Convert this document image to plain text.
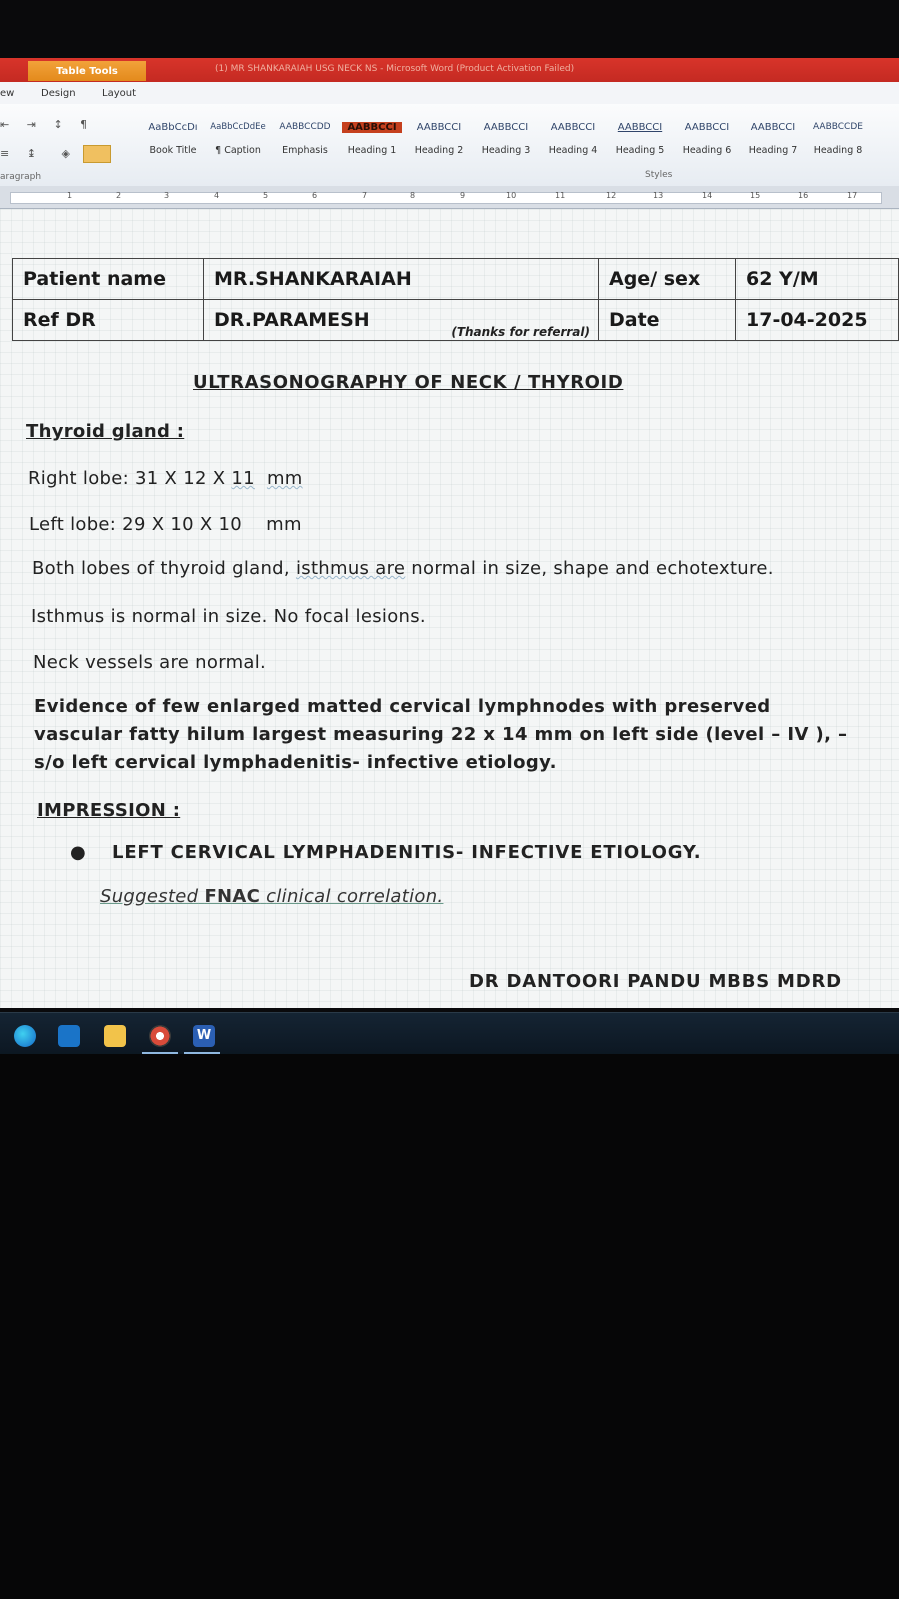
Table Tools	(1) MR SHANKARAIAH USG NECK NS - Microsoft Word (Product Activation Failed)
ew	Design	Layout
⇤ ⇥ ↕ ¶
≡ ↨ ◈
AaBbCcDı
Book Title
AaBbCcDdEe
¶ Caption
AABBCCDD
Emphasis
AABBCCI
Heading 1
AABBCCI
Heading 2
AABBCCI
Heading 3
AABBCCI
Heading 4
AABBCCI
Heading 5
AABBCCI
Heading 6
AABBCCI
Heading 7
AABBCCDE
Heading 8
aragraph	Styles
1	2	3	4	5	6	7	8	9	10	11	12	13	14	15	16	17
Patient name	MR.SHANKARAIAH	Age/ sex	62 Y/M
Ref DR	DR.PARAMESH
(Thanks for referral)	Date	17-04-2025
ULTRASONOGRAPHY OF NECK / THYROID
Thyroid gland :
Right lobe: 31 X 12 X 11 mm
Left lobe: 29 X 10 X 10    mm
Both lobes of thyroid gland, isthmus are normal in size, shape and echotexture.
Isthmus is normal in size. No focal lesions.
Neck vessels are normal.
Evidence of few enlarged matted cervical lymphnodes with preserved vascular fatty hilum largest measuring 22 x 14 mm on left side (level – IV ), – s/o left cervical lymphadenitis- infective etiology.
IMPRESSION :
● LEFT CERVICAL LYMPHADENITIS- INFECTIVE ETIOLOGY.
Suggested FNAC clinical correlation.
DR DANTOORI PANDU MBBS MDRD
W
